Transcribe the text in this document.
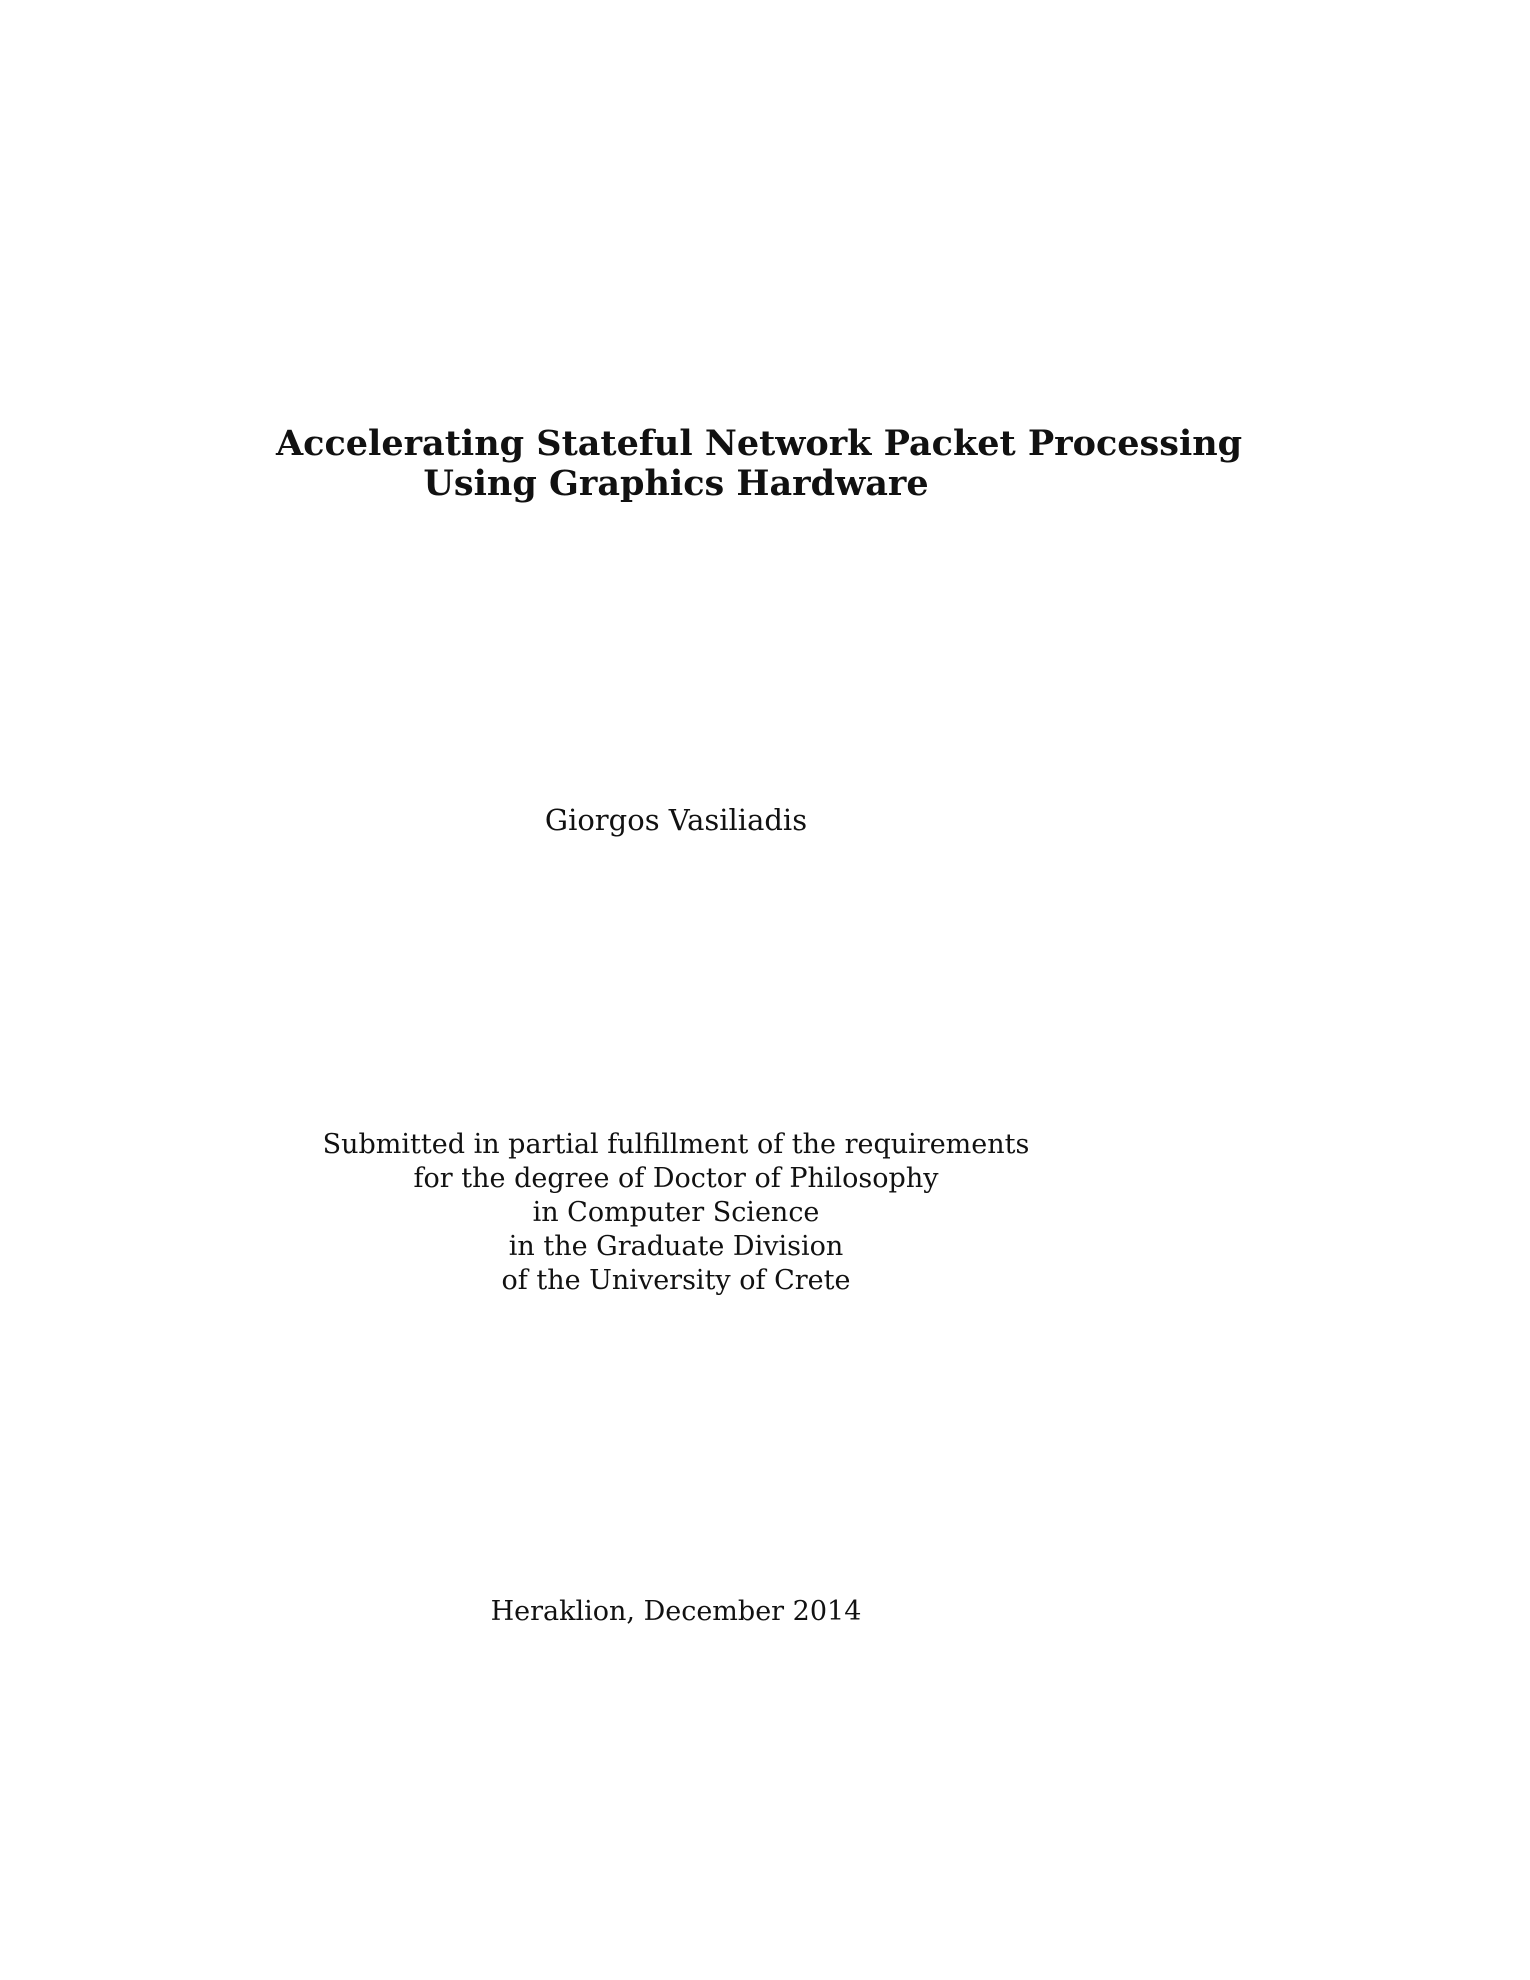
Accelerating Stateful Network Packet Processing
Using Graphics Hardware
Giorgos Vasiliadis
Submitted in partial fulfillment of the requirements
for the degree of Doctor of Philosophy
in Computer Science
in the Graduate Division
of the University of Crete
Heraklion, December 2014
